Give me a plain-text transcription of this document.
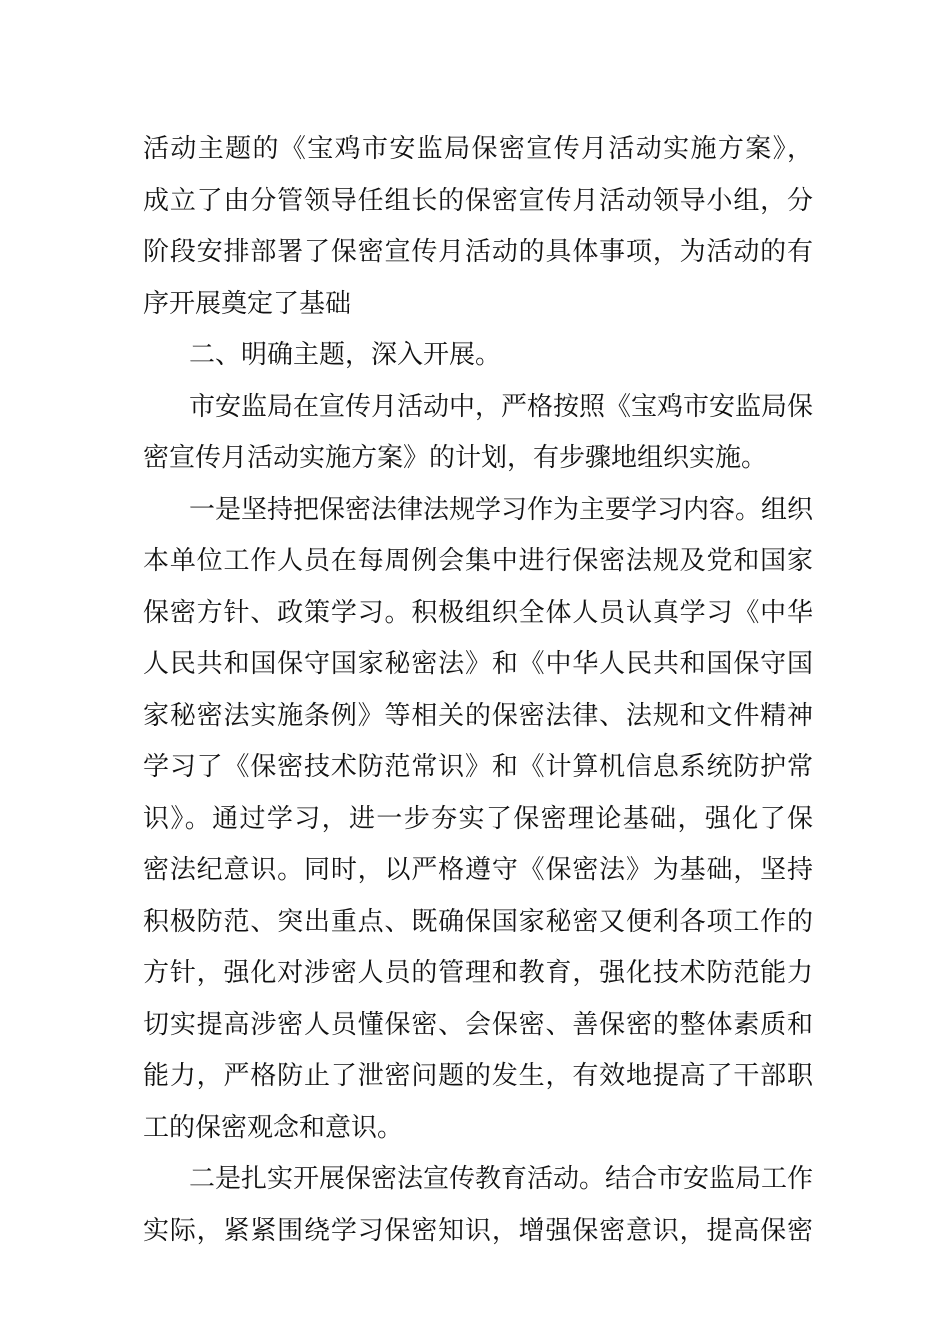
活动主题的《宝鸡市安监局保密宣传月活动实施方案》，
成立了由分管领导任组长的保密宣传月活动领导小组，分
阶段安排部署了保密宣传月活动的具体事项，为活动的有
序开展奠定了基础
二、明确主题，深入开展。
市安监局在宣传月活动中，严格按照《宝鸡市安监局保
密宣传月活动实施方案》的计划，有步骤地组织实施。
一是坚持把保密法律法规学习作为主要学习内容。组织
本单位工作人员在每周例会集中进行保密法规及党和国家
保密方针、政策学习。积极组织全体人员认真学习《中华
人民共和国保守国家秘密法》和《中华人民共和国保守国
家秘密法实施条例》等相关的保密法律、法规和文件精神
学习了《保密技术防范常识》和《计算机信息系统防护常
识》。通过学习，进一步夯实了保密理论基础，强化了保
密法纪意识。同时，以严格遵守《保密法》为基础，坚持
积极防范、突出重点、既确保国家秘密又便利各项工作的
方针，强化对涉密人员的管理和教育，强化技术防范能力
切实提高涉密人员懂保密、会保密、善保密的整体素质和
能力，严格防止了泄密问题的发生，有效地提高了干部职
工的保密观念和意识。
二是扎实开展保密法宣传教育活动。结合市安监局工作
实际，紧紧围绕学习保密知识，增强保密意识，提高保密
